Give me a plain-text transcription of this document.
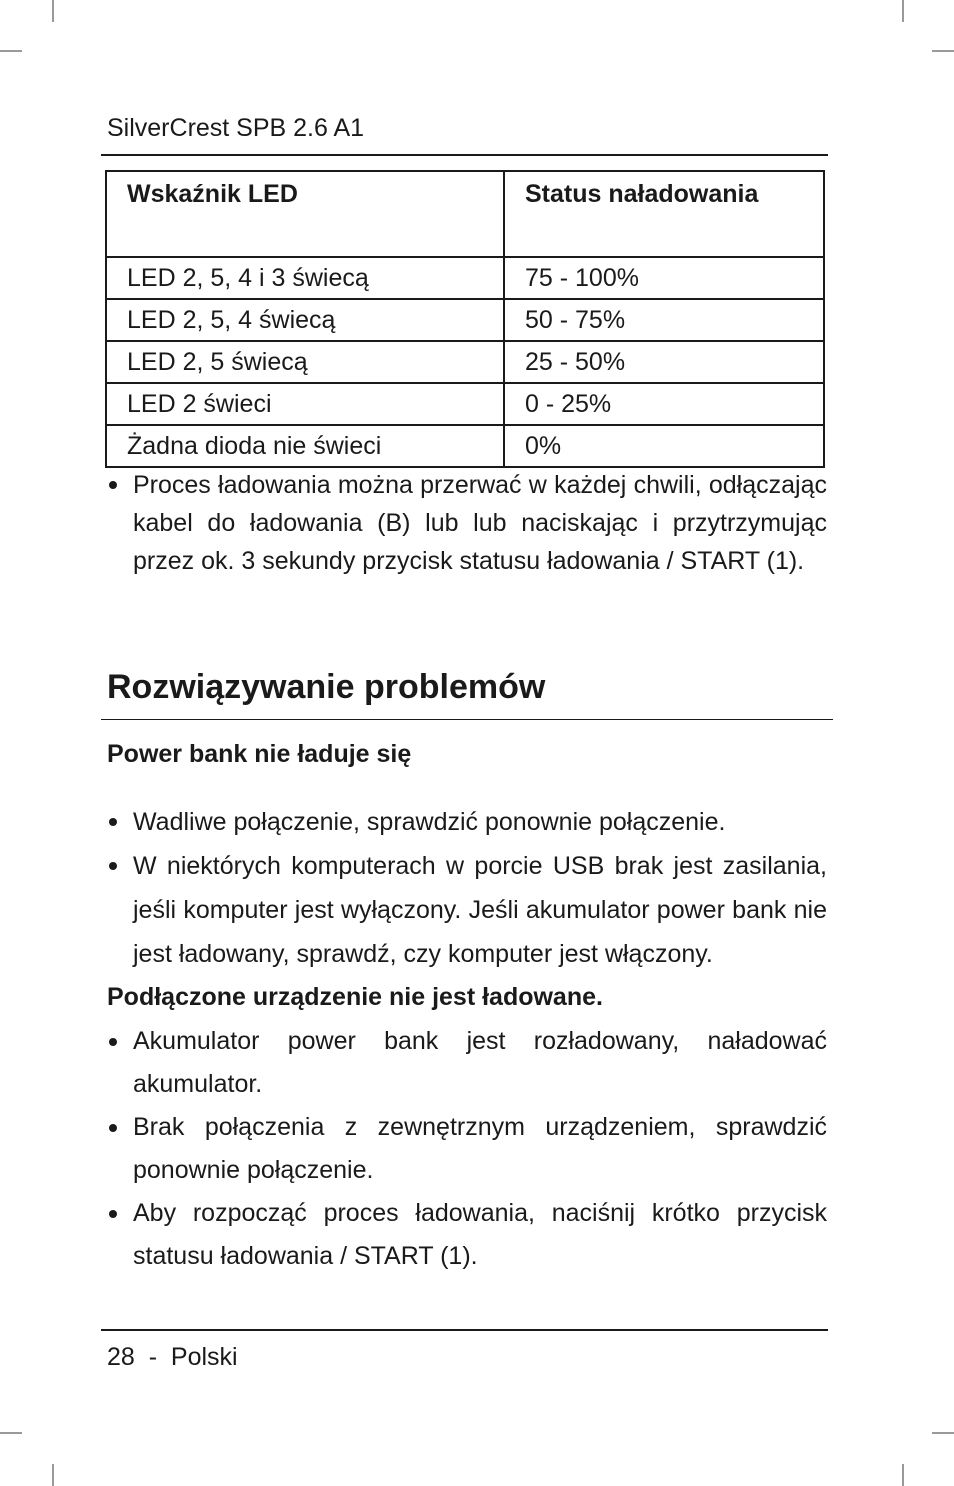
SilverCrest SPB 2.6 A1
Wskaźnik LED	Status naładowania
LED 2, 5, 4 i 3 świecą	75 - 100%
LED 2, 5, 4 świecą	50 - 75%
LED 2, 5 świecą	25 - 50%
LED 2 świeci	0 - 25%
Żadna dioda nie świeci	0%
Proces ładowania można przerwać w każdej chwili, odłączając kabel do ładowania (B) lub lub naciskając i przytrzymując przez ok. 3 sekundy przycisk statusu ładowania / START (1).
Rozwiązywanie problemów
Power bank nie ładuje się
Wadliwe połączenie, sprawdzić ponownie połączenie.
W niektórych komputerach w porcie USB brak jest zasilania, jeśli komputer jest wyłączony. Jeśli akumulator power bank nie jest ładowany, sprawdź, czy komputer jest włączony.
Podłączone urządzenie nie jest ładowane.
Akumulator power bank jest rozładowany, naładować akumulator.
Brak połączenia z zewnętrznym urządzeniem, sprawdzić ponownie połączenie.
Aby rozpocząć proces ładowania, naciśnij krótko przycisk statusu ładowania / START (1).
28  -  Polski
